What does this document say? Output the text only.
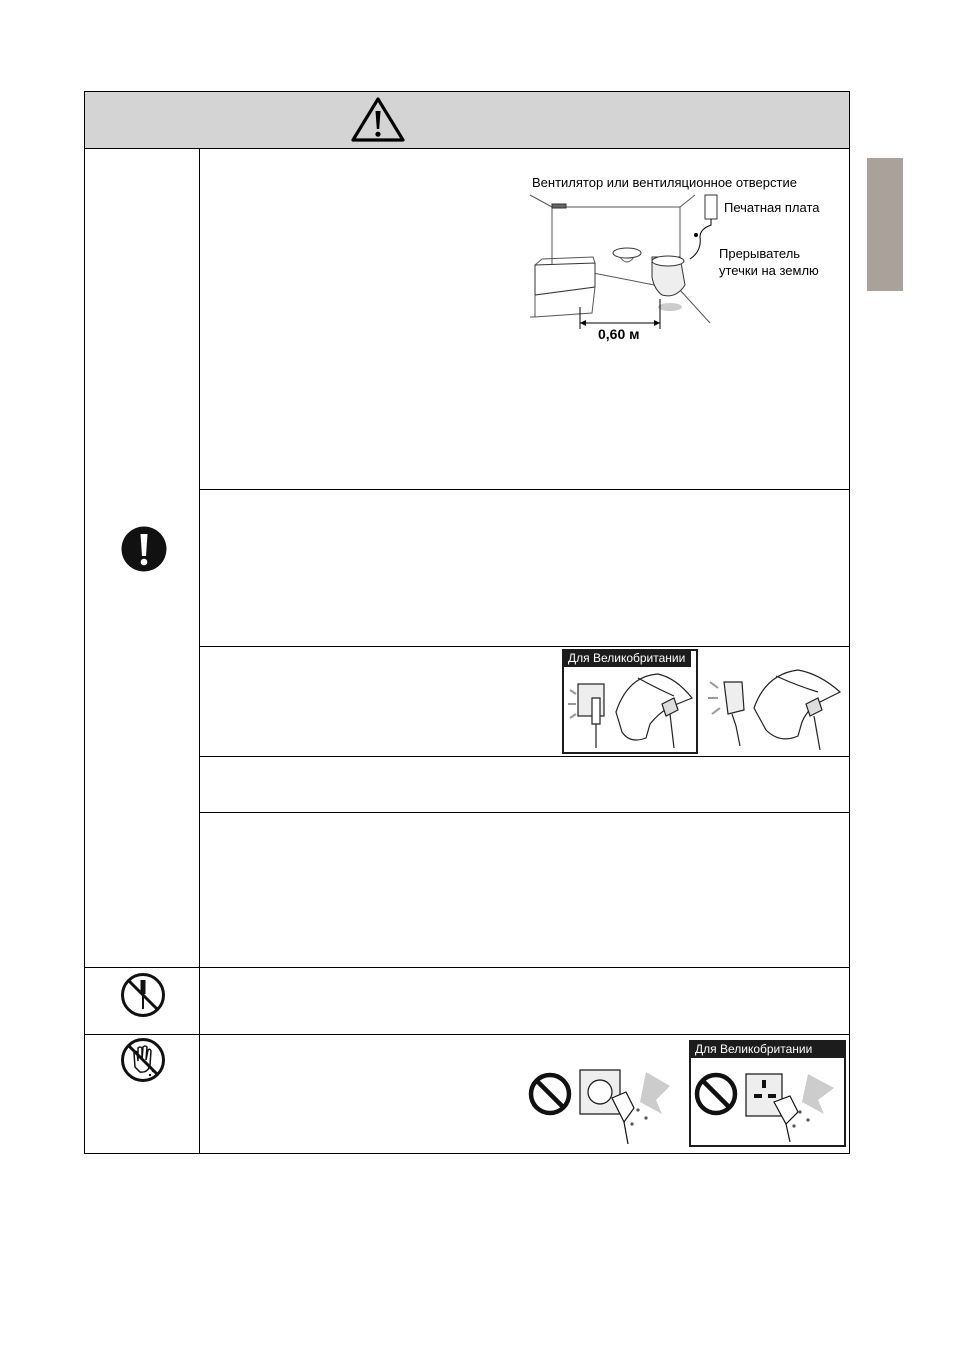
Вентилятор или вентиляционное отверстие
Печатная плата
Прерыватель
утечки на землю
0,60 м
Для Великобритании
Для Великобритании
